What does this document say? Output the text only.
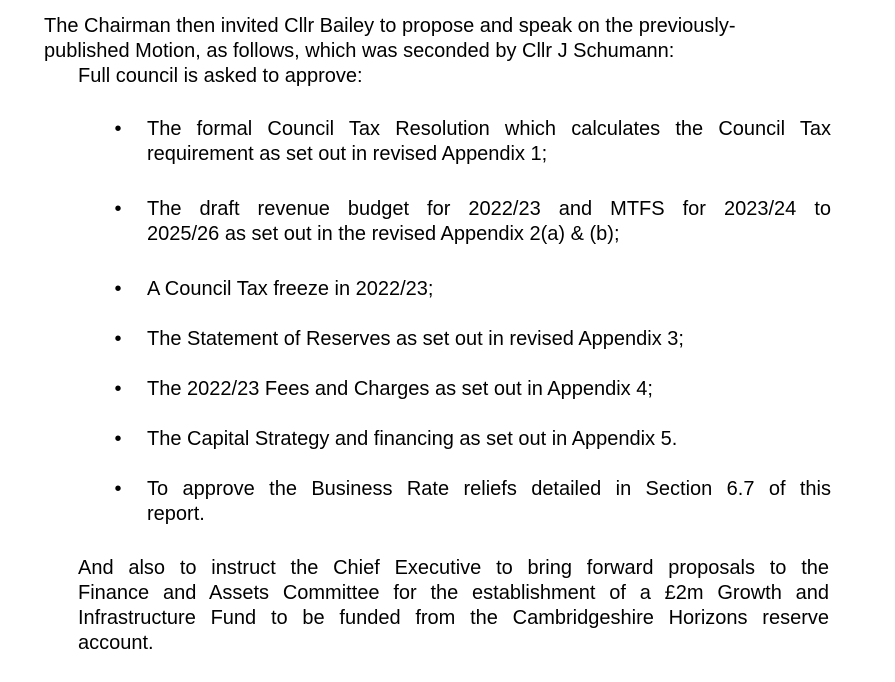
The Chairman then invited Cllr Bailey to propose and speak on the previously-
published Motion, as follows, which was seconded by Cllr J Schumann:

Full council is asked to approve:

• The formal Council Tax Resolution which calculates the Council Tax
requirement as set out in revised Appendix 1;
• The draft revenue budget for 2022/23 and MTFS for 2023/24 to
2025/26 as set out in the revised Appendix 2(a) & (b);
• A Council Tax freeze in 2022/23;
• The Statement of Reserves as set out in revised Appendix 3;
• The 2022/23 Fees and Charges as set out in Appendix 4;
• The Capital Strategy and financing as set out in Appendix 5.
• To approve the Business Rate reliefs detailed in Section 6.7 of this
report.

And also to instruct the Chief Executive to bring forward proposals to the
Finance and Assets Committee for the establishment of a £2m Growth and
Infrastructure Fund to be funded from the Cambridgeshire Horizons reserve
account.
